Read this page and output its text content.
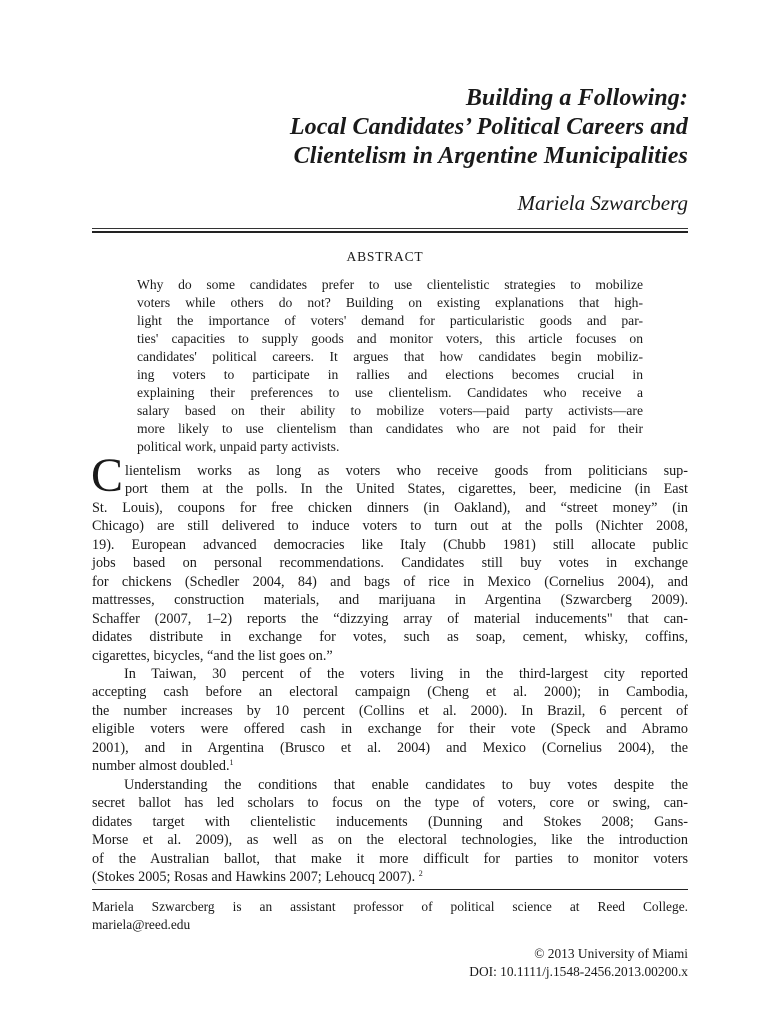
Building a Following:
Local Candidates’ Political Careers and
Clientelism in Argentine Municipalities
Mariela Szwarcberg
ABSTRACT
Why do some candidates prefer to use clientelistic strategies to mobilize
voters while others do not? Building on existing explanations that high-
light the importance of voters' demand for particularistic goods and par-
ties' capacities to supply goods and monitor voters, this article focuses on
candidates' political careers. It argues that how candidates begin mobiliz-
ing voters to participate in rallies and elections becomes crucial in
explaining their preferences to use clientelism. Candidates who receive a
salary based on their ability to mobilize voters—paid party activists—are
more likely to use clientelism than candidates who are not paid for their
political work, unpaid party activists.
C lientelism works as long as voters who receive goods from politicians sup-
port them at the polls. In the United States, cigarettes, beer, medicine (in East
St. Louis), coupons for free chicken dinners (in Oakland), and “street money” (in
Chicago) are still delivered to induce voters to turn out at the polls (Nichter 2008,
19). European advanced democracies like Italy (Chubb 1981) still allocate public
jobs based on personal recommendations. Candidates still buy votes in exchange
for chickens (Schedler 2004, 84) and bags of rice in Mexico (Cornelius 2004), and
mattresses, construction materials, and marijuana in Argentina (Szwarcberg 2009).
Schaffer (2007, 1–2) reports the “dizzying array of material inducements" that can-
didates distribute in exchange for votes, such as soap, cement, whisky, coffins,
cigarettes, bicycles, “and the list goes on.”
In Taiwan, 30 percent of the voters living in the third-largest city reported
accepting cash before an electoral campaign (Cheng et al. 2000); in Cambodia,
the number increases by 10 percent (Collins et al. 2000). In Brazil, 6 percent of
eligible voters were offered cash in exchange for their vote (Speck and Abramo
2001), and in Argentina (Brusco et al. 2004) and Mexico (Cornelius 2004), the
number almost doubled.$^1$
Understanding the conditions that enable candidates to buy votes despite the
secret ballot has led scholars to focus on the type of voters, core or swing, can-
didates target with clientelistic inducements (Dunning and Stokes 2008; Gans-
Morse et al. 2009), as well as on the electoral technologies, like the introduction
of the Australian ballot, that make it more difficult for parties to monitor voters
(Stokes 2005; Rosas and Hawkins 2007; Lehoucq 2007). $^2$
Mariela Szwarcberg is an assistant professor of political science at Reed College.
mariela@reed.edu
© 2013 University of Miami
DOI: 10.1111/j.1548-2456.2013.00200.x
